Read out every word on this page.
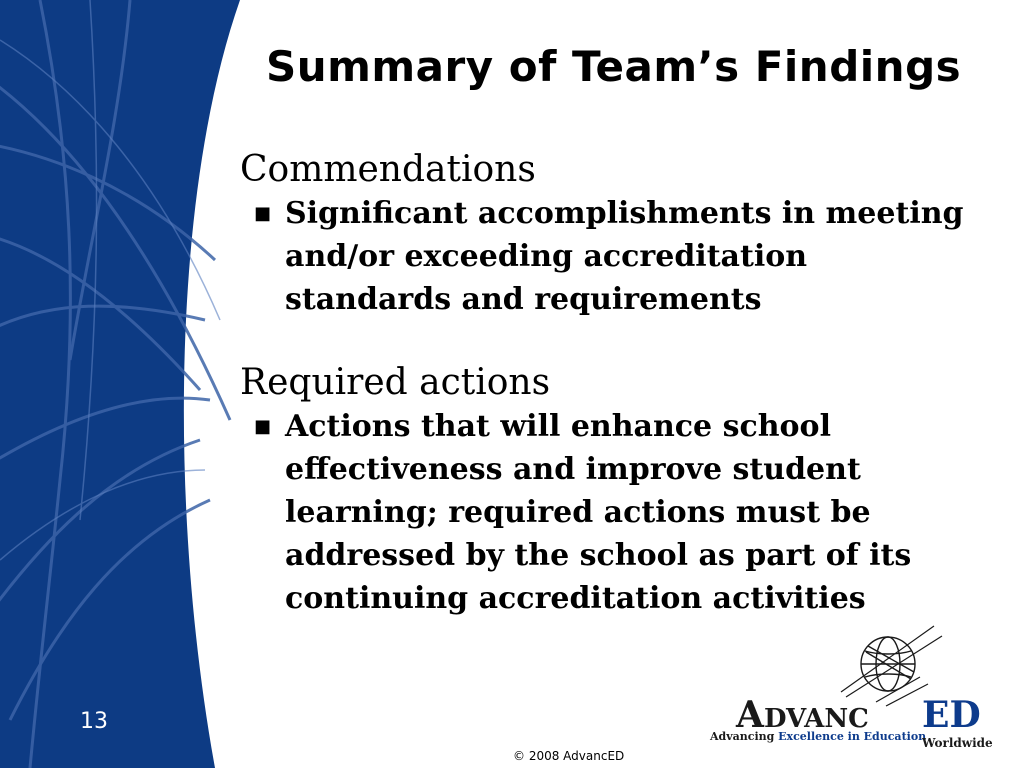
Summary of Team’s Findings

Commendations

■ Significant accomplishments in meeting and/or exceeding accreditation standards and requirements

Required actions

■ Actions that will enhance school effectiveness and improve student learning; required actions must be addressed by the school as part of its continuing accreditation activities
13
© 2008 AdvancED
ADVANC ED
Advancing Excellence in Education
Worldwide
